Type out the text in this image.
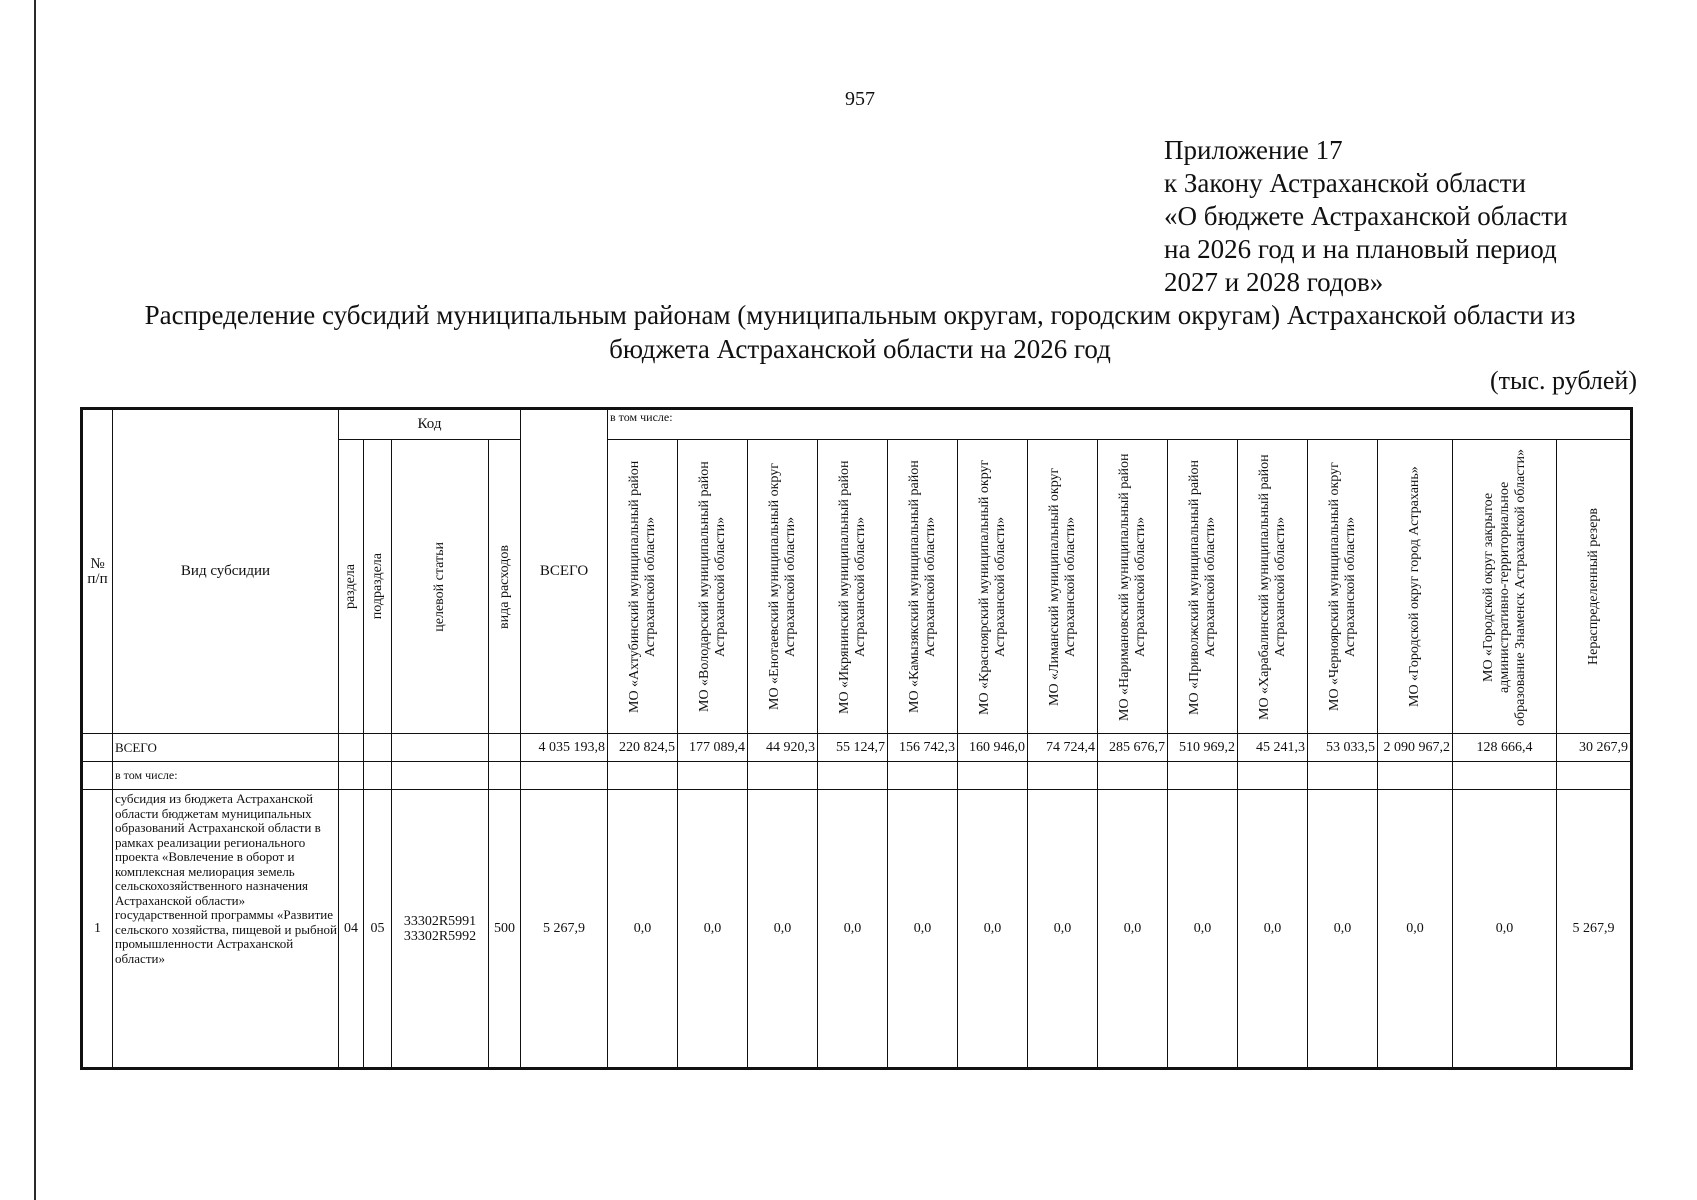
957
Приложение 17
к Закону Астраханской области
«О бюджете Астраханской области
на 2026 год и на плановый период
2027 и 2028 годов»
Распределение субсидий муниципальным районам (муниципальным округам, городским округам) Астраханской области из бюджета Астраханской области на 2026 год
(тыс. рублей)
№ п/п	Вид субсидии	Код				ВСЕГО	в том числе:													

		раздела	подраздела	целевой статьи	вида расходов		МО «Ахтубинский муниципальный район Астраханской области»	МО «Володарский муниципальный район Астраханской области»	МО «Енотаевский муниципальный округ Астраханской области»	МО «Икрянинский муниципальный район Астраханской области»	МО «Камызякский муниципальный район Астраханской области»	МО «Красноярский муниципальный округ Астраханской области»	МО «Лиманский муниципальный округ Астраханской области»	МО «Наримановский муниципальный район Астраханской области»	МО «Приволжский муниципальный район Астраханской области»	МО «Харабалинский муниципальный район Астраханской области»	МО «Черноярский муниципальный округ Астраханской области»	МО «Городской округ город Астрахань»	МО «Городской округ закрытое административно-территориальное образование Знаменск Астраханской области»	Нераспределенный резерв

	ВСЕГО					4 035 193,8	220 824,5	177 089,4	44 920,3	55 124,7	156 742,3	160 946,0	74 724,4	285 676,7	510 969,2	45 241,3	53 033,5	2 090 967,2	128 666,4	30 267,9
	в том числе:																			
1	субсидия из бюджета Астраханской области бюджетам муниципальных образований Астраханской области в рамках реализации регионального проекта «Вовлечение в оборот и комплексная мелиорация земель сельскохозяйственного назначения Астраханской области» государственной программы «Развитие сельского хозяйства, пищевой и рыбной промышленности Астраханской области»	04	05	33302R5991
33302R5992	500	5 267,9	0,0	0,0	0,0	0,0	0,0	0,0	0,0	0,0	0,0	0,0	0,0	0,0	0,0	5 267,9
